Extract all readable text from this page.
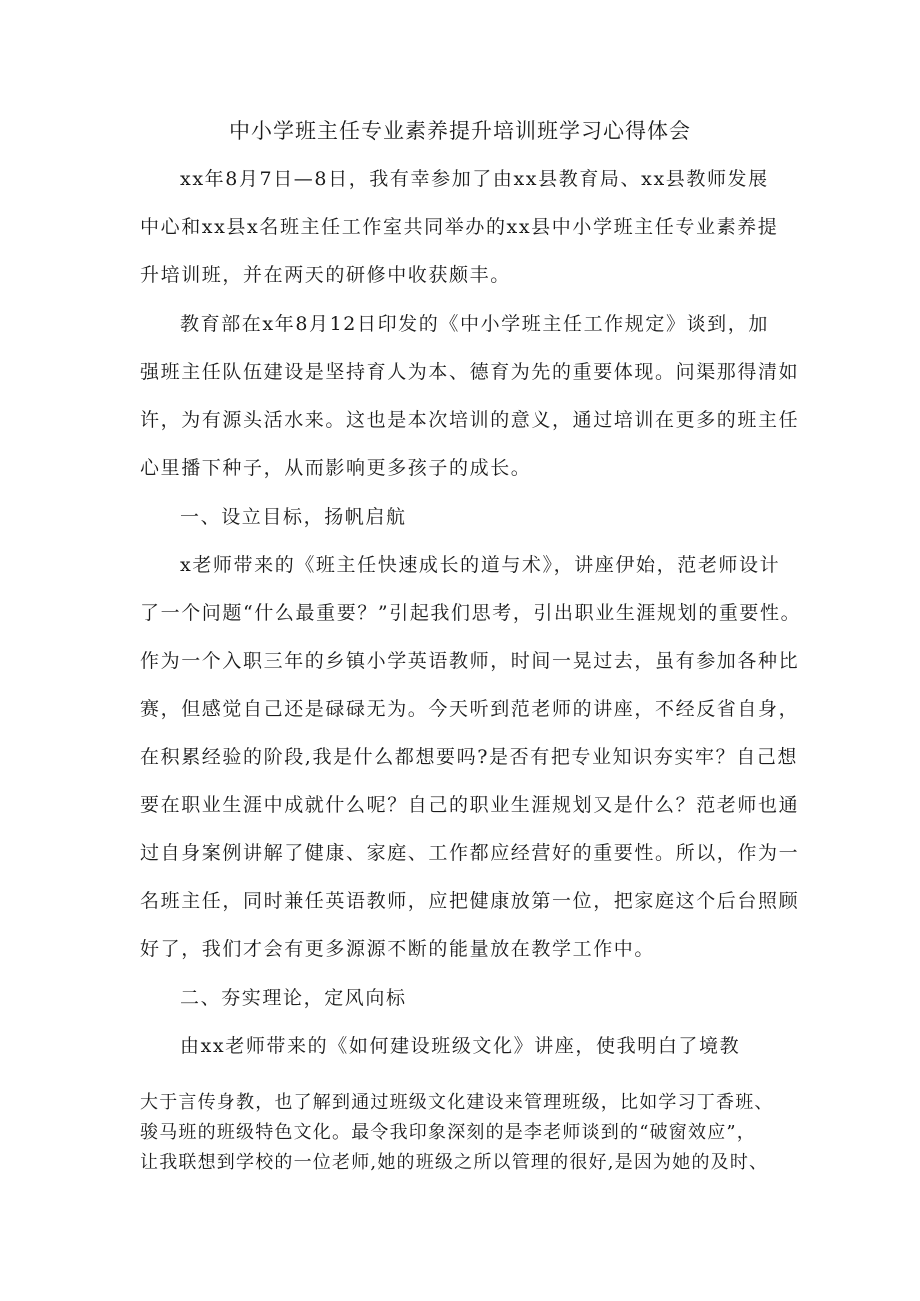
中小学班主任专业素养提升培训班学习心得体会

xx年8月7日—8日，我有幸参加了由xx县教育局、xx县教师发展

中心和xx县x名班主任工作室共同举办的xx县中小学班主任专业素养提

升培训班，并在两天的研修中收获颇丰。

教育部在x年8月12日印发的《中小学班主任工作规定》谈到，加

强班主任队伍建设是坚持育人为本、德育为先的重要体现。问渠那得清如

许，为有源头活水来。这也是本次培训的意义，通过培训在更多的班主任

心里播下种子，从而影响更多孩子的成长。

一、设立目标，扬帆启航

x老师带来的《班主任快速成长的道与术》，讲座伊始，范老师设计

了一个问题“什么最重要？”引起我们思考，引出职业生涯规划的重要性。

作为一个入职三年的乡镇小学英语教师，时间一晃过去，虽有参加各种比

赛，但感觉自己还是碌碌无为。今天听到范老师的讲座，不经反省自身，

在积累经验的阶段,我是什么都想要吗?是否有把专业知识夯实牢？自己想

要在职业生涯中成就什么呢？自己的职业生涯规划又是什么？范老师也通

过自身案例讲解了健康、家庭、工作都应经营好的重要性。所以，作为一

名班主任，同时兼任英语教师，应把健康放第一位，把家庭这个后台照顾

好了，我们才会有更多源源不断的能量放在教学工作中。

二、夯实理论，定风向标

由xx老师带来的《如何建设班级文化》讲座，使我明白了境教

大于言传身教，也了解到通过班级文化建设来管理班级，比如学习丁香班、

骏马班的班级特色文化。最令我印象深刻的是李老师谈到的“破窗效应”，

让我联想到学校的一位老师,她的班级之所以管理的很好,是因为她的及时、
